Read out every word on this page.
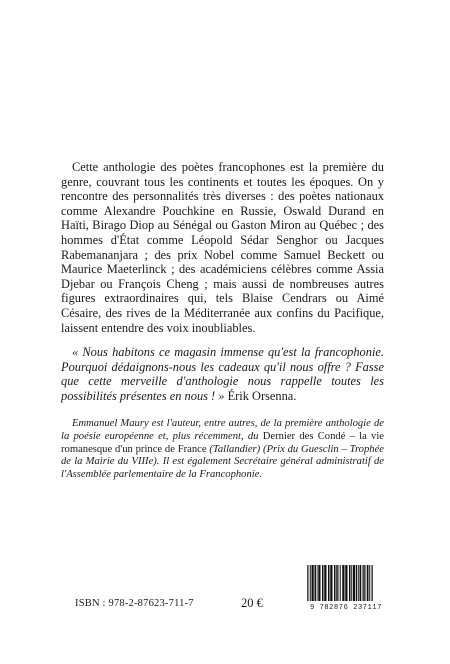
Cette anthologie des poètes francophones est la première du genre, couvrant tous les continents et toutes les époques. On y rencontre des personnalités très diverses : des poètes nationaux comme Alexandre Pouchkine en Russie, Oswald Durand en Haïti, Birago Diop au Sénégal ou Gaston Miron au Québec ; des hommes d'État comme Léopold Sédar Senghor ou Jacques Rabemananjara ; des prix Nobel comme Samuel Beckett ou Maurice Maeterlinck ; des académiciens célèbres comme Assia Djebar ou François Cheng ; mais aussi de nombreuses autres figures extraordinaires qui, tels Blaise Cendrars ou Aimé Césaire, des rives de la Méditerranée aux confins du Pacifique, laissent entendre des voix inoubliables.

« Nous habitons ce magasin immense qu'est la francophonie. Pourquoi dédaignons-nous les cadeaux qu'il nous offre ? Fasse que cette merveille d'anthologie nous rappelle toutes les possibilités présentes en nous ! » Érik Orsenna.

Emmanuel Maury est l'auteur, entre autres, de la première anthologie de la poésie européenne et, plus récemment, du Dernier des Condé – la vie romanesque d'un prince de France (Tallandier) (Prix du Guesclin – Trophée de la Mairie du VIIIe). Il est également Secrétaire général administratif de l'Assemblée parlementaire de la Francophonie.

ISBN : 978-2-87623-711-7	20 €	9 782876 237117
